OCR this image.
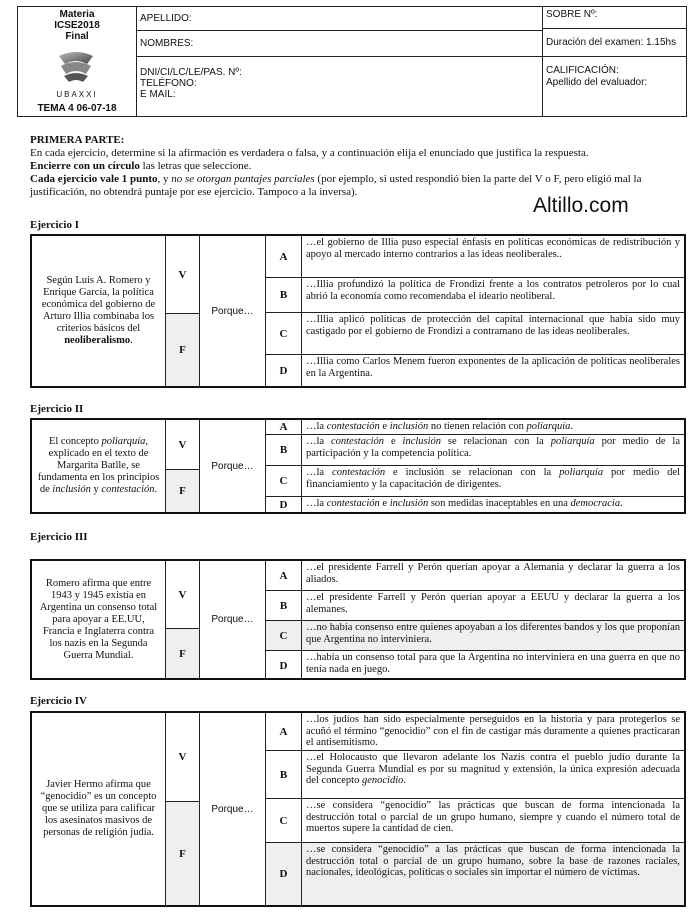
Materia
ICSE2018
Final
UBAXXI
TEMA 4 06-07-18
APELLIDO:
NOMBRES:
DNI/CI/LC/LE/PAS. Nº:
TELÉFONO:
E MAIL:
SOBRE Nº:
Duración del examen: 1.15hs
CALIFICACIÓN:
Apellido del evaluador:

PRIMERA PARTE:

En cada ejercicio, determine si la afirmación es verdadera o falsa, y a continuación elija el enunciado que justifica la respuesta.

Encierre con un círculo las letras que seleccione.

Cada ejercicio vale 1 punto, y no se otorgan puntajes parciales (por ejemplo, si usted respondió bien la parte del V o F, pero eligió mal la justificación, no obtendrá puntaje por ese ejercicio. Tampoco a la inversa).

Altillo.com
Ejercicio I
Según Luis A. Romero y Enrique García, la política económica del gobierno de Arturo Illia combinaba los criterios básicos del neoliberalismo.
V
F
Porque…
A
…el gobierno de Illia puso especial énfasis en políticas económicas de redistribución y apoyo al mercado interno contrarios a las ideas neoliberales..
B
…Illia profundizó la política de Frondizi frente a los contratos petroleros por lo cual abrió la economía como recomendaba el ideario neoliberal.
C
…Illia aplicó políticas de protección del capital internacional que había sido muy castigado por el gobierno de Frondizi a contramano de las ideas neoliberales.
D
…Illia como Carlos Menem fueron exponentes de la aplicación de políticas neoliberales en la Argentina.
Ejercicio II
El concepto poliarquía, explicado en el texto de Margarita Batlle, se fundamenta en los principios de inclusión y contestación.
V
F
Porque…
A	…la contestación e inclusión no tienen relación con poliarquía.
B
…la contestación e inclusión se relacionan con la poliarquía por medio de la participación y la competencia política.
C
…la contestación e inclusión se relacionan con la poliarquía por medio del financiamiento y la capacitación de dirigentes.
D	…la contestación e inclusión son medidas inaceptables en una democracia.
Ejercicio III
Romero afirma que entre 1943 y 1945 existía en Argentina un consenso total para apoyar a EE.UU, Francia e Inglaterra contra los nazis en la Segunda Guerra Mundial.
V
F
Porque…
A
…el presidente Farrell y Perón querían apoyar a Alemania y declarar la guerra a los aliados.
B
…el presidente Farrell y Perón querían apoyar a EEUU y declarar la guerra a los alemanes.
C
…no había consenso entre quienes apoyaban a los diferentes bandos y los que proponían que Argentina no interviniera.
D
…había un consenso total para que la Argentina no interviniera en una guerra en que no tenía nada en juego.
Ejercicio IV
Javier Hermo afirma que “genocidio” es un concepto que se utiliza para calificar los asesinatos masivos de personas de religión judía.
V
F
Porque…
A
…los judíos han sido especialmente perseguidos en la historia y para protegerlos se acuñó el término “genocidio” con el fin de castigar más duramente a quienes practicaran el antisemitismo.
B
…el Holocausto que llevaron adelante los Nazis contra el pueblo judío durante la Segunda Guerra Mundial es por su magnitud y extensión, la única expresión adecuada del concepto genocidio.
C
…se considera “genocidio” las prácticas que buscan de forma intencionada la destrucción total o parcial de un grupo humano, siempre y cuando el número total de muertos supere la cantidad de cien.
D
…se considera “genocidio” a las prácticas que buscan de forma intencionada la destrucción total o parcial de un grupo humano, sobre la base de razones raciales, nacionales, ideológicas, políticas o sociales sin importar el número de víctimas.
